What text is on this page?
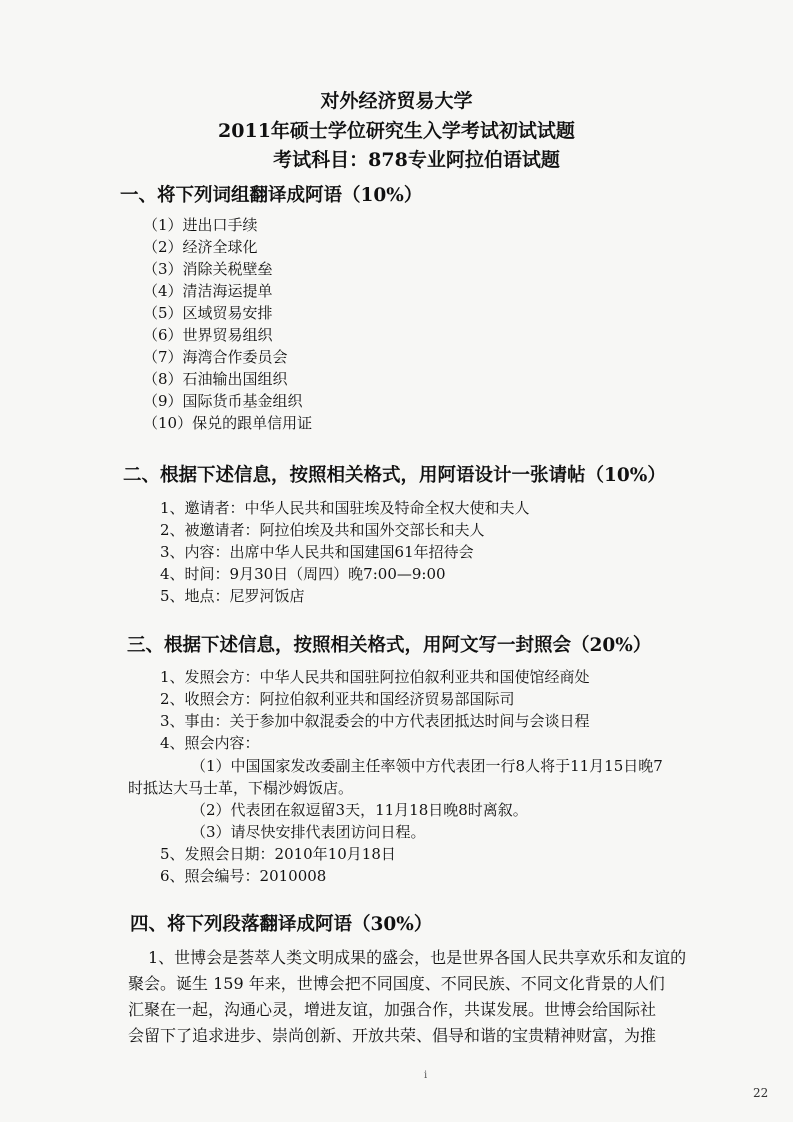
对外经济贸易大学
2011年硕士学位研究生入学考试初试试题
考试科目：878专业阿拉伯语试题
一、将下列词组翻译成阿语（10%）
（1）进出口手续
（2）经济全球化
（3）消除关税壁垒
（4）清洁海运提单
（5）区域贸易安排
（6）世界贸易组织
（7）海湾合作委员会
（8）石油输出国组织
（9）国际货币基金组织
（10）保兑的跟单信用证
二、根据下述信息，按照相关格式，用阿语设计一张请帖（10%）
1、邀请者：中华人民共和国驻埃及特命全权大使和夫人
2、被邀请者：阿拉伯埃及共和国外交部长和夫人
3、内容：出席中华人民共和国建国61年招待会
4、时间：9月30日（周四）晚7:00—9:00
5、地点：尼罗河饭店
三、根据下述信息，按照相关格式，用阿文写一封照会（20%）
1、发照会方：中华人民共和国驻阿拉伯叙利亚共和国使馆经商处
2、收照会方：阿拉伯叙利亚共和国经济贸易部国际司
3、事由：关于参加中叙混委会的中方代表团抵达时间与会谈日程
4、照会内容：
（1）中国国家发改委副主任率领中方代表团一行8人将于11月15日晚7
时抵达大马士革，下榻沙姆饭店。
（2）代表团在叙逗留3天，11月18日晚8时离叙。
（3）请尽快安排代表团访问日程。
5、发照会日期：2010年10月18日
6、照会编号：2010008
四、将下列段落翻译成阿语（30%）
1、世博会是荟萃人类文明成果的盛会，也是世界各国人民共享欢乐和友谊的
聚会。诞生 159 年来，世博会把不同国度、不同民族、不同文化背景的人们
汇聚在一起，沟通心灵，增进友谊，加强合作，共谋发展。世博会给国际社
会留下了追求进步、崇尚创新、开放共荣、倡导和谐的宝贵精神财富，为推
i
22
